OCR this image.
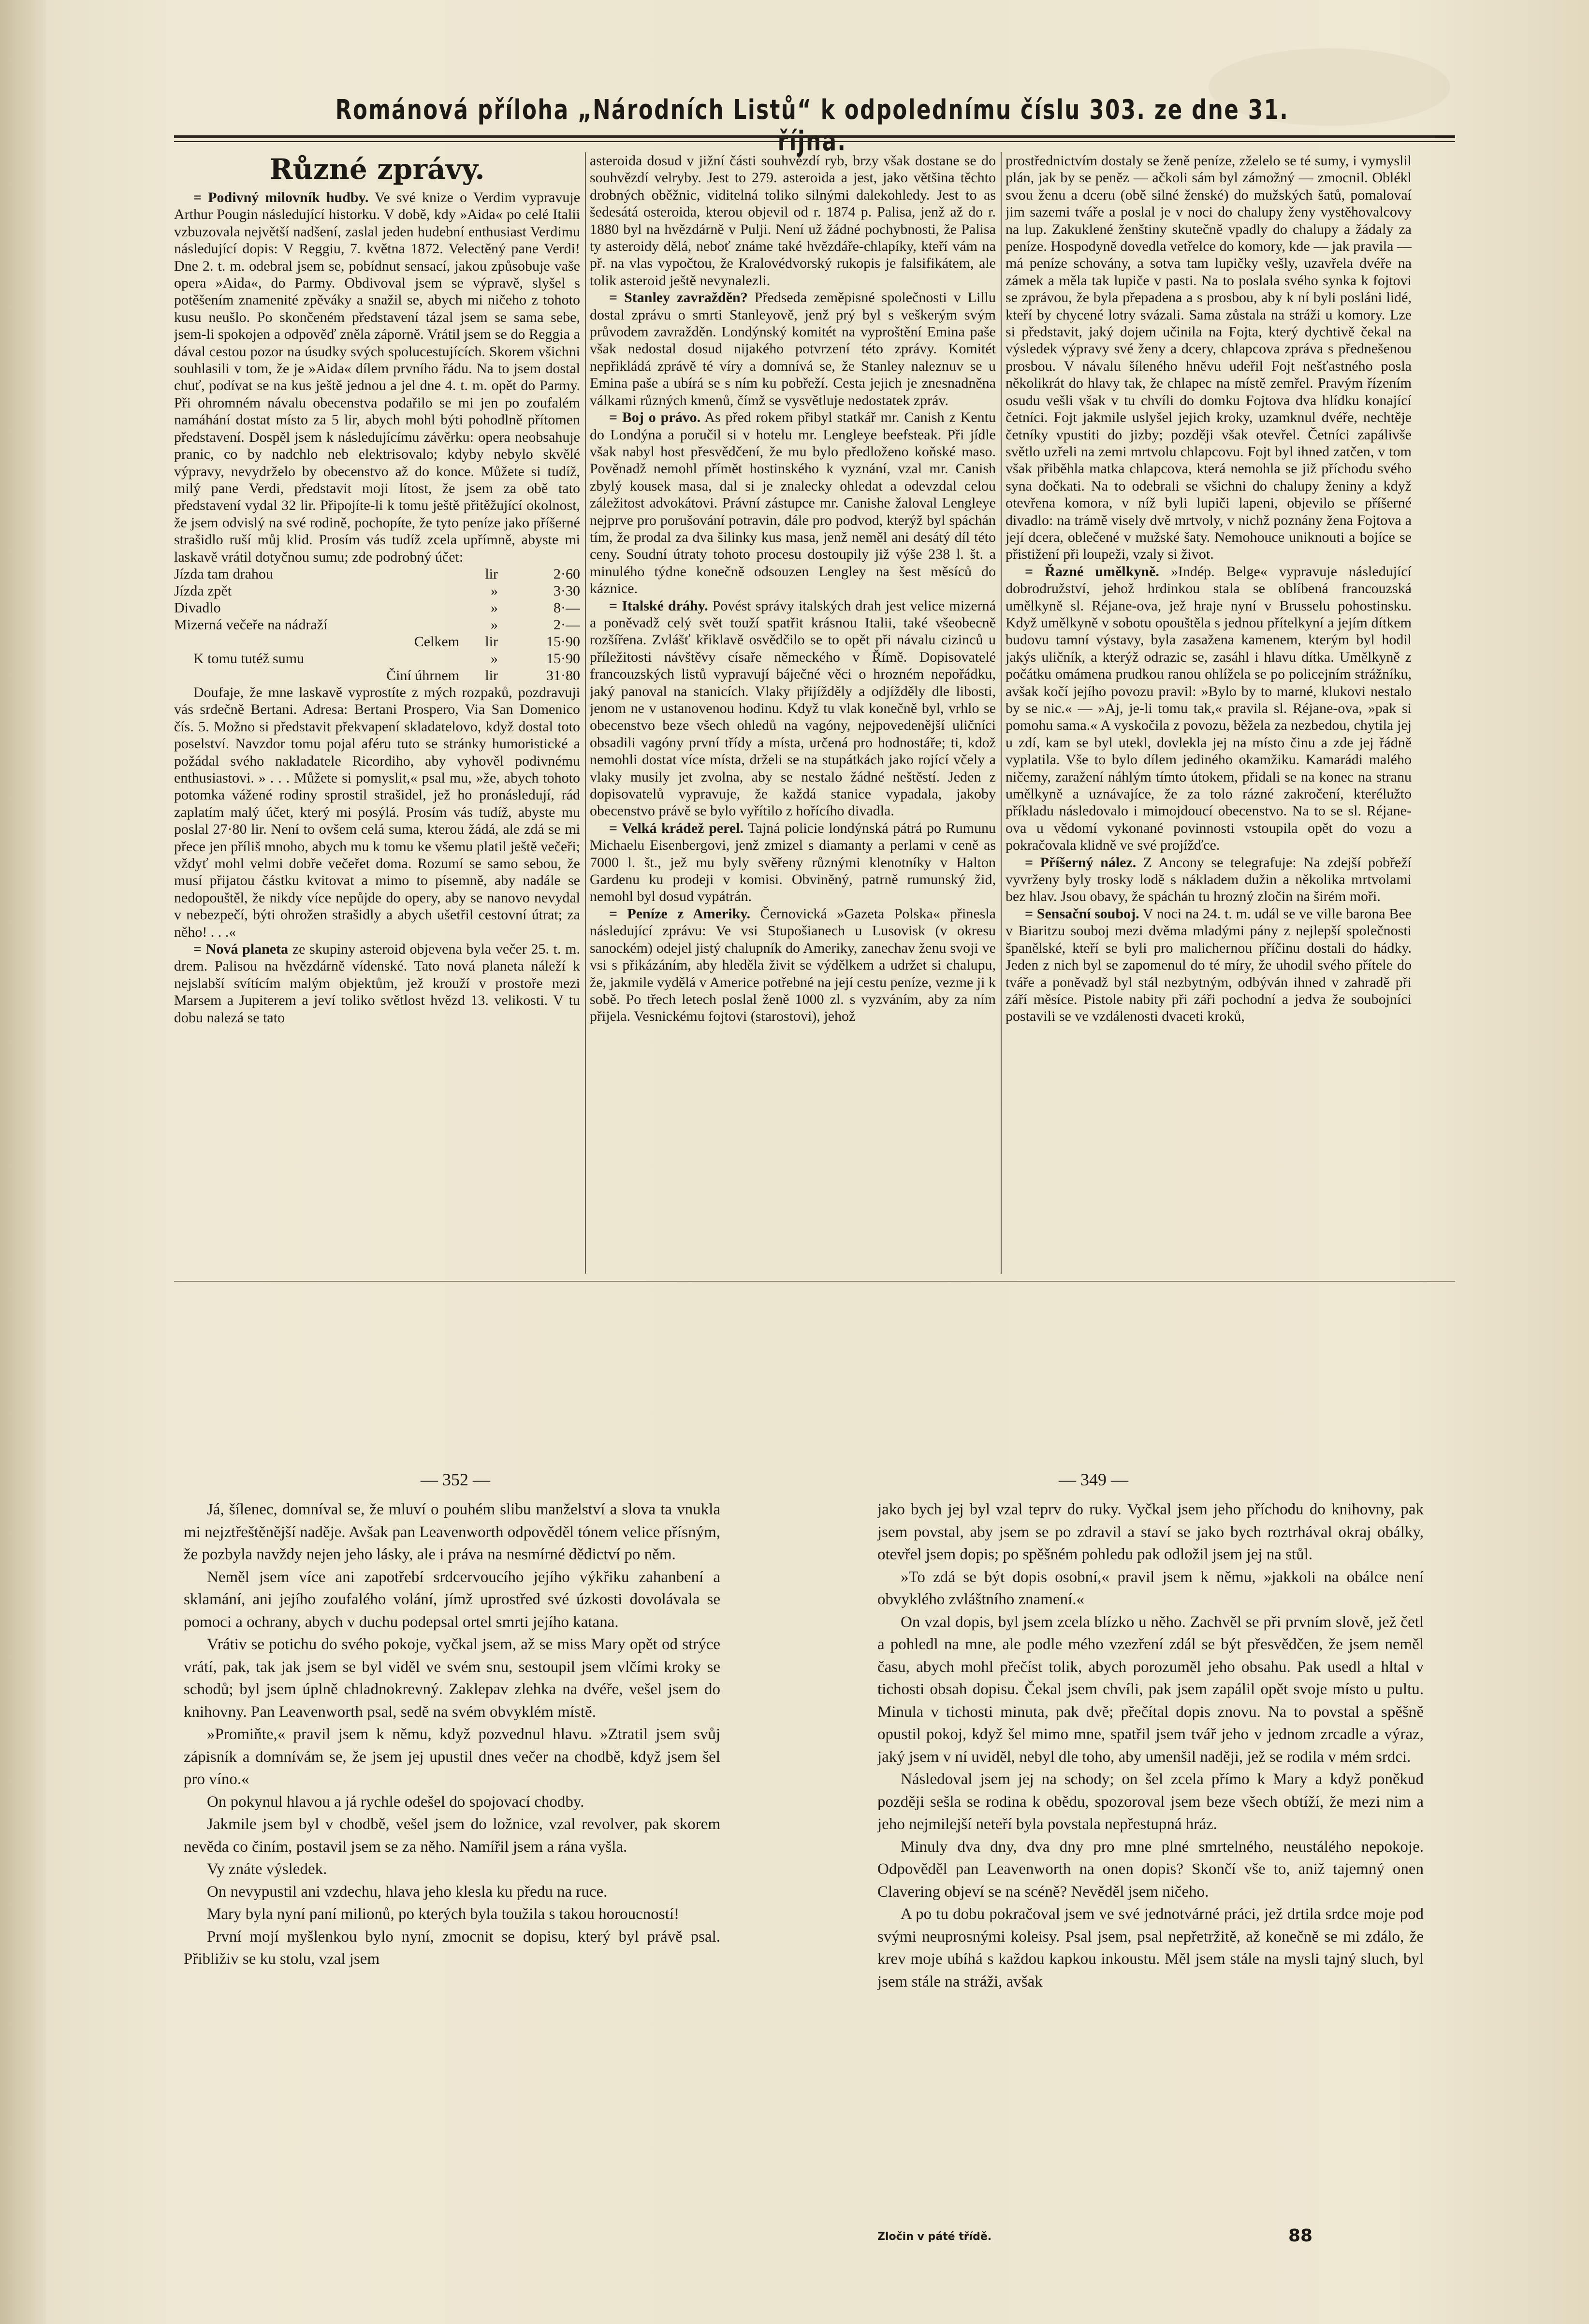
Románová příloha „Národních Listů“ k odpolednímu číslu 303. ze dne 31.
Různé zprávy.

= Podivný milovník hudby. Ve své knize o Verdim vypravuje Arthur Pougin následující historku. V době, kdy »Aida« po celé Italii vzbuzovala největší nadšení, zaslal jeden hudební enthusiast Verdimu následující dopis: V Reggiu, 7. května 1872. Velectěný pane Verdi! Dne 2. t. m. odebral jsem se, pobídnut sensací, jakou způsobuje vaše opera »Aida«, do Parmy. Obdivoval jsem se výpravě, slyšel s potěšením znamenité zpěváky a snažil se, abych mi ničeho z tohoto kusu neušlo. Po skončeném představení tázal jsem se sama sebe, jsem-li spokojen a odpověď zněla záporně. Vrátil jsem se do Reggia a dával cestou pozor na úsudky svých spolucestujících. Skorem všichni souhlasili v tom, že je »Aida« dílem prvního řádu. Na to jsem dostal chuť, podívat se na kus ještě jednou a jel dne 4. t. m. opět do Parmy. Při ohromném návalu obecenstva podařilo se mi jen po zoufalém namáhání dostat místo za 5 lir, abych mohl býti pohodlně přítomen představení. Dospěl jsem k následujícímu závěrku: opera neobsahuje pranic, co by nadchlo neb elektrisovalo; kdyby nebylo skvělé výpravy, nevydrželo by obecenstvo až do konce. Můžete si tudíž, milý pane Verdi, představit moji lítost, že jsem za obě tato představení vydal 32 lir. Připojíte-li k tomu ještě přitěžující okolnost, že jsem odvislý na své rodině, pochopíte, že tyto peníze jako příšerné strašidlo ruší můj klid. Prosím vás tudíž zcela upřímně, abyste mi laskavě vrátil dotyčnou sumu; zde podrobný účet:

Jízda tam drahou	lir	2·60
Jízda zpět	»	3·30
Divadlo	»	8·—
Mizerná večeře na nádraží	»	2·—
Celkem	lir	15·90
K tomu tutéž sumu	»	15·90
Činí úhrnem	lir	31·80

Doufaje, že mne laskavě vyprostíte z mých rozpaků, pozdravuji vás srdečně Bertani. Adresa: Bertani Prospero, Via San Domenico čís. 5. Možno si představit překvapení skladatelovo, když dostal toto poselství. Navzdor tomu pojal aféru tuto se stránky humoristické a požádal svého nakladatele Ricordiho, aby vyhověl podivnému enthusiastovi. » . . . Můžete si pomyslit,« psal mu, »že, abych tohoto potomka vážené rodiny sprostil strašidel, jež ho pronásledují, rád zaplatím malý účet, který mi posýlá. Prosím vás tudíž, abyste mu poslal 27·80 lir. Není to ovšem celá suma, kterou žádá, ale zdá se mi přece jen příliš mnoho, abych mu k tomu ke všemu platil ještě večeři; vždyť mohl velmi dobře večeřet doma. Rozumí se samo sebou, že musí přijatou částku kvitovat a mimo to písemně, aby nadále se nedopouštěl, že nikdy více nepůjde do opery, aby se nanovo nevydal v nebezpečí, býti ohrožen strašidly a abych ušetřil cestovní útrat; za něho! . . .«

= Nová planeta ze skupiny asteroid objevena byla večer 25. t. m. drem. Palisou na hvězdárně vídenské. Tato nová planeta náleží k nejslabší svítícím malým objektům, jež krouží v prostoře mezi Marsem a Jupiterem a jeví toliko světlost hvězd 13. velikosti. V tu dobu nalezá se tato

asteroida dosud v jižní části souhvězdí ryb, brzy však dostane se do souhvězdí velryby. Jest to 279. asteroida a jest, jako většina těchto drobných oběžnic, viditelná toliko silnými dalekohledy. Jest to as šedesátá osteroida, kterou objevil od r. 1874 p. Palisa, jenž až do r. 1880 byl na hvězdárně v Pulji. Není už žádné pochybnosti, že Palisa ty asteroidy dělá, neboť známe také hvězdáře-chlapíky, kteří vám na př. na vlas vypočtou, že Kralovédvorský rukopis je falsifikátem, ale tolik asteroid ještě nevynalezli.

= Stanley zavražděn? Předseda zeměpisné společnosti v Lillu dostal zprávu o smrti Stanleyově, jenž prý byl s veškerým svým průvodem zavražděn. Londýnský komitét na vyproštění Emina paše však nedostal dosud nijakého potvrzení této zprávy. Komitét nepřikládá zprávě té víry a domnívá se, že Stanley naleznuv se u Emina paše a ubírá se s ním ku pobřeží. Cesta jejich je znesnadněna válkami různých kmenů, čímž se vysvětluje nedostatek zpráv.

= Boj o právo. As před rokem přibyl statkář mr. Canish z Kentu do Londýna a poručil si v hotelu mr. Lengleye beefsteak. Při jídle však nabyl host přesvědčení, že mu bylo předloženo koňské maso. Pověnadž nemohl přímět hostinského k vyznání, vzal mr. Canish zbylý kousek masa, dal si je znalecky ohledat a odevzdal celou záležitost advokátovi. Právní zástupce mr. Canishe žaloval Lengleye nejprve pro porušování potravin, dále pro podvod, kterýž byl spáchán tím, že prodal za dva šilinky kus masa, jenž neměl ani desátý díl této ceny. Soudní útraty tohoto procesu dostoupily již výše 238 l. št. a minulého týdne konečně odsouzen Lengley na šest měsíců do káznice.

= Italské dráhy. Povést správy italských drah jest velice mizerná a poněvadž celý svět touží spatřit krásnou Italii, také všeobecně rozšířena. Zvlášť křiklavě osvědčilo se to opět při návalu cizinců u příležitosti návštěvy císaře německého v Římě. Dopisovatelé francouzských listů vypravují báječné věci o hrozném nepořádku, jaký panoval na stanicích. Vlaky přijížděly a odjížděly dle libosti, jenom ne v ustanovenou hodinu. Když tu vlak konečně byl, vrhlo se obecenstvo beze všech ohledů na vagóny, nejpovedenější uličníci obsadili vagóny první třídy a místa, určená pro hodnostáře; ti, kdož nemohli dostat více místa, drželi se na stupátkách jako rojící včely a vlaky musily jet zvolna, aby se nestalo žádné neštěstí. Jeden z dopisovatelů vypravuje, že každá stanice vypadala, jakoby obecenstvo právě se bylo vyřítilo z hořícího divadla.

= Velká krádež perel. Tajná policie londýnská pátrá po Rumunu Michaelu Eisenbergovi, jenž zmizel s diamanty a perlami v ceně as 7000 l. št., jež mu byly svěřeny různými klenotníky v Halton Gardenu ku prodeji v komisi. Obviněný, patrně rumunský žid, nemohl byl dosud vypátrán.

= Peníze z Ameriky. Černovická »Gazeta Polska« přinesla následující zprávu: Ve vsi Stupošianech u Lusovisk (v okresu sanockém) odejel jistý chalupník do Ameriky, zanechav ženu svoji ve vsi s přikázáním, aby hleděla živit se výdělkem a udržet si chalupu, že, jakmile vydělá v Americe potřebné na její cestu peníze, vezme ji k sobě. Po třech letech poslal ženě 1000 zl. s vyzváním, aby za ním přijela. Vesnickému fojtovi (starostovi), jehož

prostřednictvím dostaly se ženě peníze, zželelo se té sumy, i vymyslil plán, jak by se peněz — ačkoli sám byl zámožný — zmocnil. Oblékl svou ženu a dceru (obě silné ženské) do mužských šatů, pomalovaí jim sazemi tváře a poslal je v noci do chalupy ženy vystěhovalcovy na lup. Zakuklené ženštiny skutečně vpadly do chalupy a žádaly za peníze. Hospodyně dovedla vetřelce do komory, kde — jak pravila — má peníze schovány, a sotva tam lupičky vešly, uzavřela dvéře na zámek a měla tak lupiče v pasti. Na to poslala svého synka k fojtovi se zprávou, že byla přepadena a s prosbou, aby k ní byli posláni lidé, kteří by chycené lotry svázali. Sama zůstala na stráži u komory. Lze si představit, jaký dojem učinila na Fojta, který dychtivě čekal na výsledek výpravy své ženy a dcery, chlapcova zpráva s přednešenou prosbou. V návalu šíleného hněvu udeřil Fojt nešťastného posla několikrát do hlavy tak, že chlapec na místě zemřel. Pravým řízením osudu vešli však v tu chvíli do domku Fojtova dva hlídku konající četníci. Fojt jakmile uslyšel jejich kroky, uzamknul dvéře, nechtěje četníky vpustiti do jizby; později však otevřel. Četníci zapálivše světlo uzřeli na zemi mrtvolu chlapcovu. Fojt byl ihned zatčen, v tom však přiběhla matka chlapcova, která nemohla se již příchodu svého syna dočkati. Na to odebrali se všichni do chalupy ženiny a když otevřena komora, v níž byli lupiči lapeni, objevilo se příšerné divadlo: na trámě visely dvě mrtvoly, v nichž poznány žena Fojtova a její dcera, oblečené v mužské šaty. Nemohouce uniknouti a bojíce se přistižení při loupeži, vzaly si život.

= Řazné umělkyně. »Indép. Belge« vypravuje následující dobrodružství, jehož hrdinkou stala se oblíbená francouzská umělkyně sl. Réjane-ova, jež hraje nyní v Brusselu pohostinsku. Když umělkyně v sobotu opouštěla s jednou přítelkyní a jejím dítkem budovu tamní výstavy, byla zasažena kamenem, kterým byl hodil jakýs uličník, a kterýž odrazic se, zasáhl i hlavu dítka. Umělkyně z počátku omámena prudkou ranou ohlížela se po policejním strážníku, avšak kočí jejího povozu pravil: »Bylo by to marné, klukovi nestalo by se nic.« — »Aj, je-li tomu tak,« pravila sl. Réjane-ova, »pak si pomohu sama.« A vyskočila z povozu, běžela za nezbedou, chytila jej u zdí, kam se byl utekl, dovlekla jej na místo činu a zde jej řádně vyplatila. Vše to bylo dílem jediného okamžiku. Kamarádi malého ničemy, zaražení náhlým tímto útokem, přidali se na konec na stranu umělkyně a uznávajíce, že za tolo rázné zakročení, kterélužto příkladu následovalo i mimojdoucí obecenstvo. Na to se sl. Réjane-ova u vědomí vykonané povinnosti vstoupila opět do vozu a pokračovala klidně ve své projížďce.

= Příšerný nález. Z Ancony se telegrafuje: Na zdejší pobřeží vyvrženy byly trosky lodě s nákladem dužin a několika mrtvolami bez hlav. Jsou obavy, že spáchán tu hrozný zločin na širém moři.

= Sensační souboj. V noci na 24. t. m. udál se ve ville barona Bee v Biaritzu souboj mezi dvěma mladými pány z nejlepší společnosti španělské, kteří se byli pro malichernou příčinu dostali do hádky. Jeden z nich byl se zapomenul do té míry, že uhodil svého přítele do tváře a poněvadž byl stál nezbytným, odbýván ihned v zahradě při září měsíce. Pistole nabity při záři pochodní a jedva že soubojníci postavili se ve vzdálenosti dvaceti kroků,

— 352 —	— 349 —

Já, šílenec, domníval se, že mluví o pouhém slibu manželství a slova ta vnukla mi nejztřeštěnější naděje. Avšak pan Leavenworth odpověděl tónem velice přísným, že pozbyla navždy nejen jeho lásky, ale i práva na nesmírné dědictví po něm.

Neměl jsem více ani zapotřebí srdcervoucího jejího výkřiku zahanbení a sklamání, ani jejího zoufalého volání, jímž uprostřed své úzkosti dovolávala se pomoci a ochrany, abych v duchu podepsal ortel smrti jejího katana.

Vrátiv se potichu do svého pokoje, vyčkal jsem, až se miss Mary opět od strýce vrátí, pak, tak jak jsem se byl viděl ve svém snu, sestoupil jsem vlčími kroky se schodů; byl jsem úplně chladnokrevný. Zaklepav zlehka na dvéře, vešel jsem do knihovny. Pan Leavenworth psal, sedě na svém obvyklém místě.

»Promiňte,« pravil jsem k němu, když pozvednul hlavu. »Ztratil jsem svůj zápisník a domnívám se, že jsem jej upustil dnes večer na chodbě, když jsem šel pro víno.«

On pokynul hlavou a já rychle odešel do spojovací chodby.

Jakmile jsem byl v chodbě, vešel jsem do ložnice, vzal revolver, pak skorem nevěda co činím, postavil jsem se za něho. Namířil jsem a rána vyšla.

Vy znáte výsledek.

On nevypustil ani vzdechu, hlava jeho klesla ku předu na ruce.

Mary byla nyní paní milionů, po kterých byla toužila s takou horoucností!

První mojí myšlenkou bylo nyní, zmocnit se dopisu, který byl právě psal. Přibliživ se ku stolu, vzal jsem

jako bych jej byl vzal teprv do ruky. Vyčkal jsem jeho příchodu do knihovny, pak jsem povstal, aby jsem se po zdravil a staví se jako bych roztrhával okraj obálky, otevřel jsem dopis; po spěšném pohledu pak odložil jsem jej na stůl.

»To zdá se být dopis osobní,« pravil jsem k němu, »jakkoli na obálce není obvyklého zvláštního znamení.«

On vzal dopis, byl jsem zcela blízko u něho. Zachvěl se při prvním slově, jež četl a pohledl na mne, ale podle mého vzezření zdál se být přesvědčen, že jsem neměl času, abych mohl přečíst tolik, abych porozuměl jeho obsahu. Pak usedl a hltal v tichosti obsah dopisu. Čekal jsem chvíli, pak jsem zapálil opět svoje místo u pultu. Minula v tichosti minuta, pak dvě; přečítal dopis znovu. Na to povstal a spěšně opustil pokoj, když šel mimo mne, spatřil jsem tvář jeho v jednom zrcadle a výraz, jaký jsem v ní uviděl, nebyl dle toho, aby umenšil naději, jež se rodila v mém srdci.

Následoval jsem jej na schody; on šel zcela přímo k Mary a když poněkud později sešla se rodina k obědu, spozoroval jsem beze všech obtíží, že mezi nim a jeho nejmilejší neteří byla povstala nepřestupná hráz.

Minuly dva dny, dva dny pro mne plné smrtelného, neustálého nepokoje. Odpověděl pan Leavenworth na onen dopis? Skončí vše to, aniž tajemný onen Clavering objeví se na scéně? Nevěděl jsem ničeho.

A po tu dobu pokračoval jsem ve své jednotvárné práci, jež drtila srdce moje pod svými neuprosnými koleisy. Psal jsem, psal nepřetržitě, až konečně se mi zdálo, že krev moje ubíhá s každou kapkou inkoustu. Měl jsem stále na mysli tajný sluch, byl jsem stále na stráži, avšak

Zločin v páté třídě.	88
